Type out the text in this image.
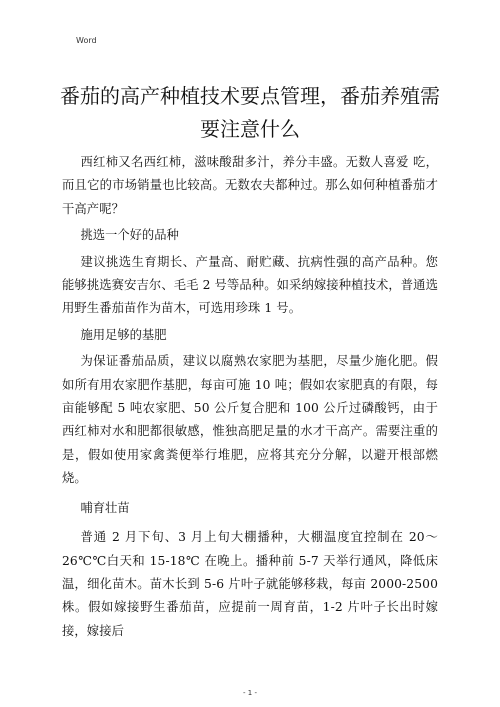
Word
番茄的高产种植技术要点管理，番茄养殖需要注意什么

西红柿又名西红柿，滋味酸甜多汁，养分丰盛。无数人喜爱 吃，而且它的市场销量也比较高。无数农夫都种过。那么如何种植番茄才干高产呢？

挑选一个好的品种

建议挑选生育期长、产量高、耐贮藏、抗病性强的高产品种。您能够挑选赛安吉尔、毛毛 2 号等品种。如采纳嫁接种植技术，普通选用野生番茄苗作为苗木，可选用珍珠 1 号。

施用足够的基肥

为保证番茄品质，建议以腐熟农家肥为基肥，尽量少施化肥。假如所有用农家肥作基肥，每亩可施 10 吨；假如农家肥真的有限，每亩能够配 5 吨农家肥、50 公斤复合肥和 100 公斤过磷酸钙，由于西红柿对水和肥都很敏感，惟独高肥足量的水才干高产。需要注重的是，假如使用家禽粪便举行堆肥，应将其充分分解，以避开根部燃烧。

哺育壮苗

普通 2 月下旬、3 月上旬大棚播种，大棚温度宜控制在 20～26℃℃白天和 15-18℃ 在晚上。播种前 5-7 天举行通风，降低床温，细化苗木。苗木长到 5-6 片叶子就能够移栽，每亩 2000-2500 株。假如嫁接野生番茄苗，应提前一周育苗，1-2 片叶子长出时嫁接，嫁接后

- 1 -
